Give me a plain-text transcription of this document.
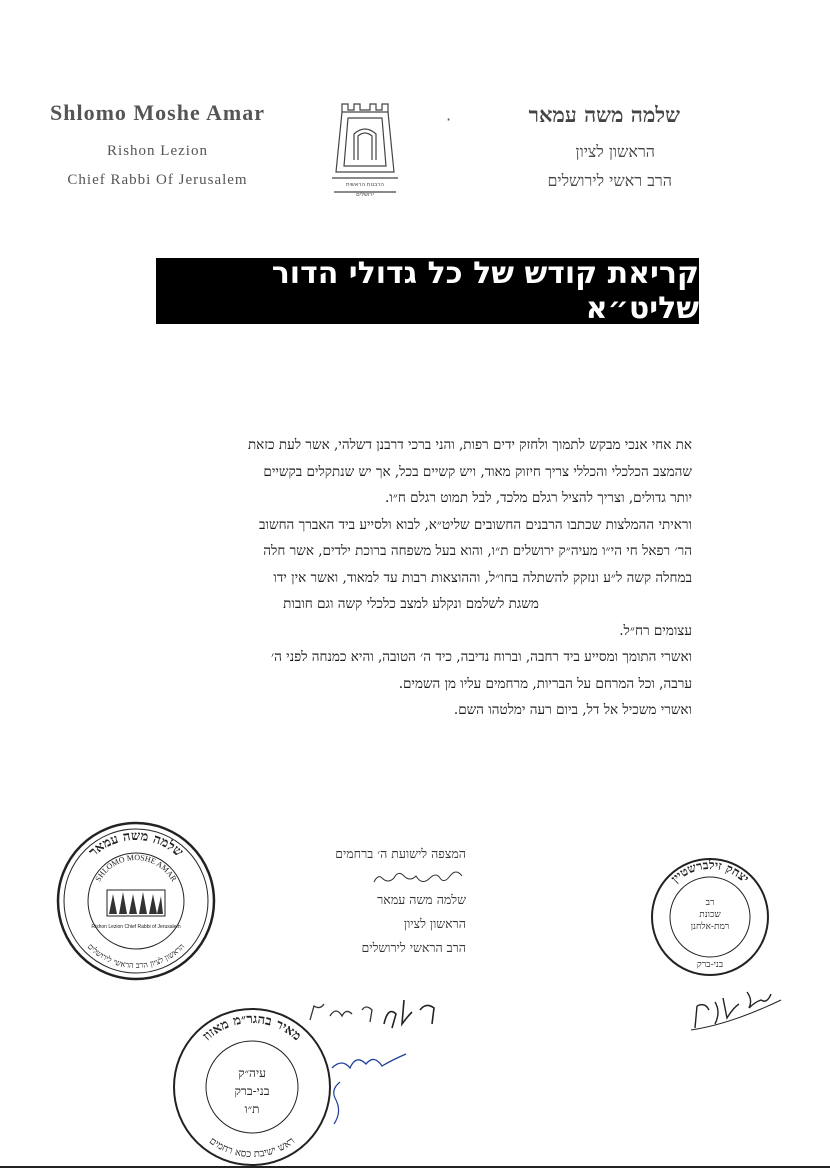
Shlomo Moshe Amar
Rishon Lezion
Chief Rabbi Of Jerusalem	הרבנות הראשית
ירושלים
·	שלמה משה עמאר
הראשון לציון
הרב ראשי לירושלים
קריאת קודש של כל גדולי הדור שליט״א

את אחי אנכי מבקש לתמוך ולחזק ידים רפות, והני ברכי דרבנן דשלהי, אשר לעת כזאת

שהמצב הכלכלי והכללי צריך חיזוק מאוד, ויש קשיים בכל, אך יש שנתקלים בקשיים

יותר גדולים, וצריך להציל רגלם מלכד, לבל תמוט רגלם ח״ו.

וראיתי ההמלצות שכתבו הרבנים החשובים שליט״א, לבוא ולסייע ביד האברך החשוב

הר׳ רפאל חי הי״ו מעיה״ק ירושלים ת״ו, והוא בעל משפחה ברוכת ילדים, אשר חלה

במחלה קשה ל״ע ונזקק להשתלה בחו״ל, וההוצאות רבות עד למאוד, ואשר אין ידו

משגת לשלמם ונקלע למצב כלכלי קשה וגם חובות

עצומים רח״ל.

ואשרי התומך ומסייע ביד רחבה, וברוח נדיבה, כיד ה׳ הטובה, והיא כמנחה לפני ה׳

ערבה, וכל המרחם על הבריות, מרחמים עליו מן השמים.

ואשרי משכיל אל דל, ביום רעה ימלטהו השם.

המצפה לישועת ה׳ ברחמים
שלמה משה עמאר
הראשון לציון
הרב הראשי לירושלים
שלמה משה עמאר
SHLOMO MOSHE AMAR
הראשון לציון הרב הראשי לירושלים
Rishon Lezion Chief Rabbi of Jerusalem
יצחק זילברשטיין
רב
שכונת
רמת-אלחנן
בני-ברק
מאיר בהגר״מ מאזוז
ראש ישיבת כסא רחמים
עיה״ק
בני-ברק
ת״ו
